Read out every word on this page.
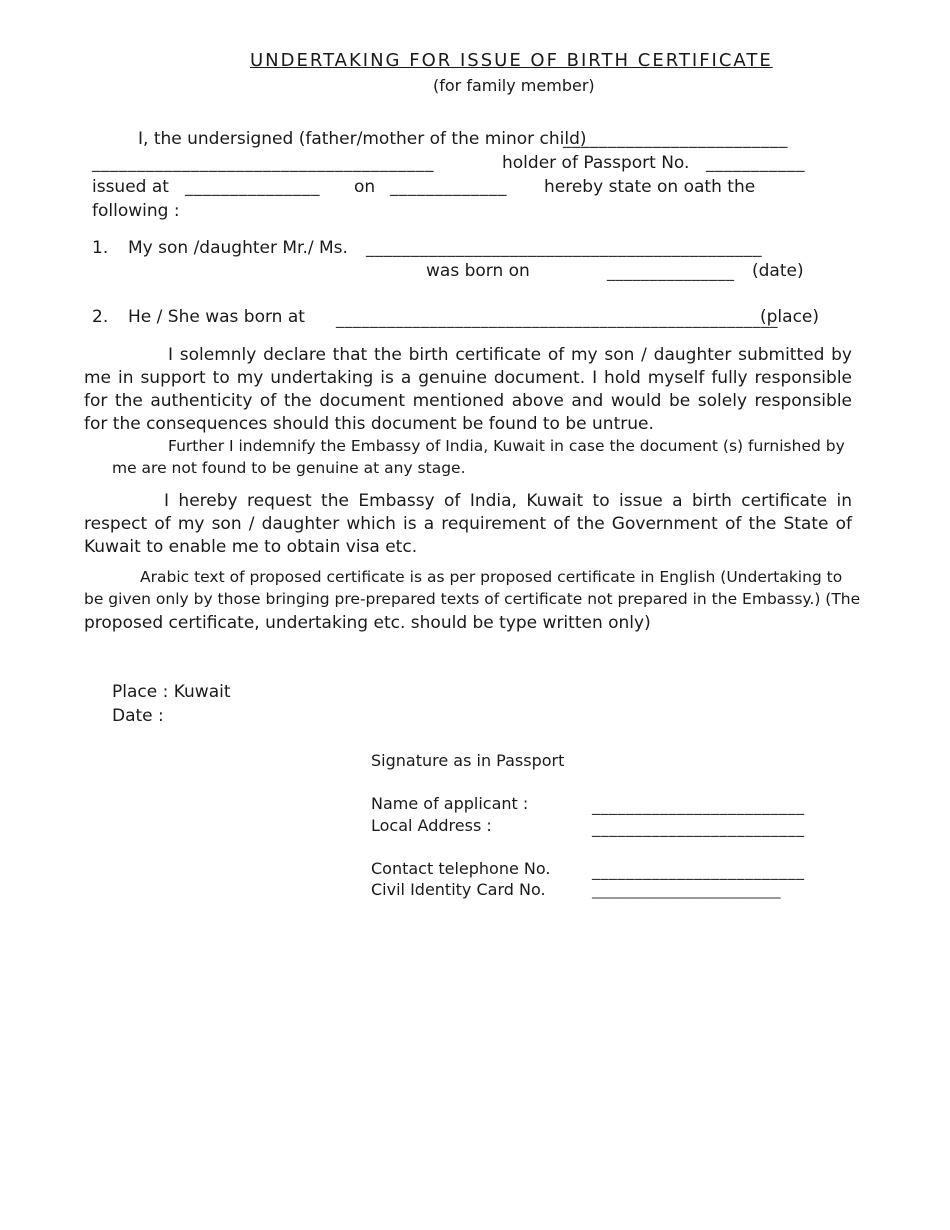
UNDERTAKING FOR ISSUE OF BIRTH CERTIFICATE
(for family member)
I, the undersigned (father/mother of the minor child)
_________________________
______________________________________	holder of Passport No. ___________
issued at _______________ on _____________ hereby state on oath the
following :
1. My son /daughter Mr./ Ms. ____________________________________________
was born on	_______________ (date)
2. He / She was born at ____________________________________________________
(place)
I solemnly declare that the birth certificate of my son / daughter submitted by me in support to my undertaking is a genuine document. I hold myself fully responsible for the authenticity of the document mentioned above and would be solely responsible for the consequences should this document be found to be untrue.
Further I indemnify the Embassy of India, Kuwait in case the document (s) furnished by
me are not found to be genuine at any stage.
I hereby request the Embassy of India, Kuwait to issue a birth certificate in respect of my son / daughter which is a requirement of the Government of the State of Kuwait to enable me to obtain visa etc.
Arabic text of proposed certificate is as per proposed certificate in English (Undertaking to
be given only by those bringing pre-prepared texts of certificate not prepared in the Embassy.) (The
proposed certificate, undertaking etc. should be type written only)
Place : Kuwait
Date :
Signature as in Passport
Name of applicant :	_________________________
Local Address :	_________________________
Contact telephone No.	_________________________
Civil Identity Card No.	__________________________
